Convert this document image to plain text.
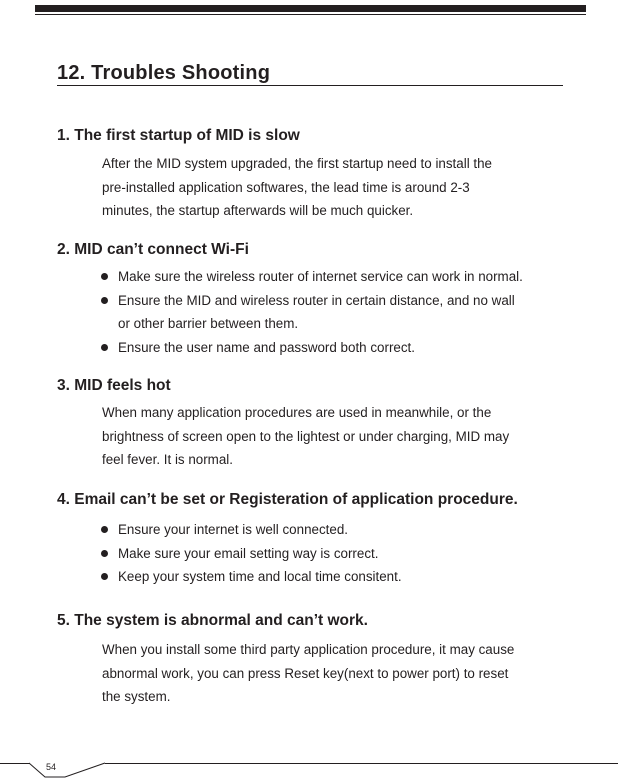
12. Troubles Shooting
1. The first startup of MID is slow
After the MID system upgraded, the first startup need to install the
pre-installed application softwares, the lead time is around 2-3
minutes, the startup afterwards will be much quicker.
2. MID can’t connect Wi-Fi
Make sure the wireless router of internet service can work in normal.
Ensure the MID and wireless router in certain distance, and no wall
or other barrier between them.
Ensure the user name and password both correct.
3. MID feels hot
When many application procedures are used in meanwhile, or the
brightness of screen open to the lightest or under charging, MID may
feel fever. It is normal.
4. Email can’t be set or Registeration of application procedure.
Ensure your internet is well connected.
Make sure your email setting way is correct.
Keep your system time and local time consitent.
5. The system is abnormal and can’t work.
When you install some third party application procedure, it may cause
abnormal work, you can press Reset key(next to power port) to reset
the system.
54
